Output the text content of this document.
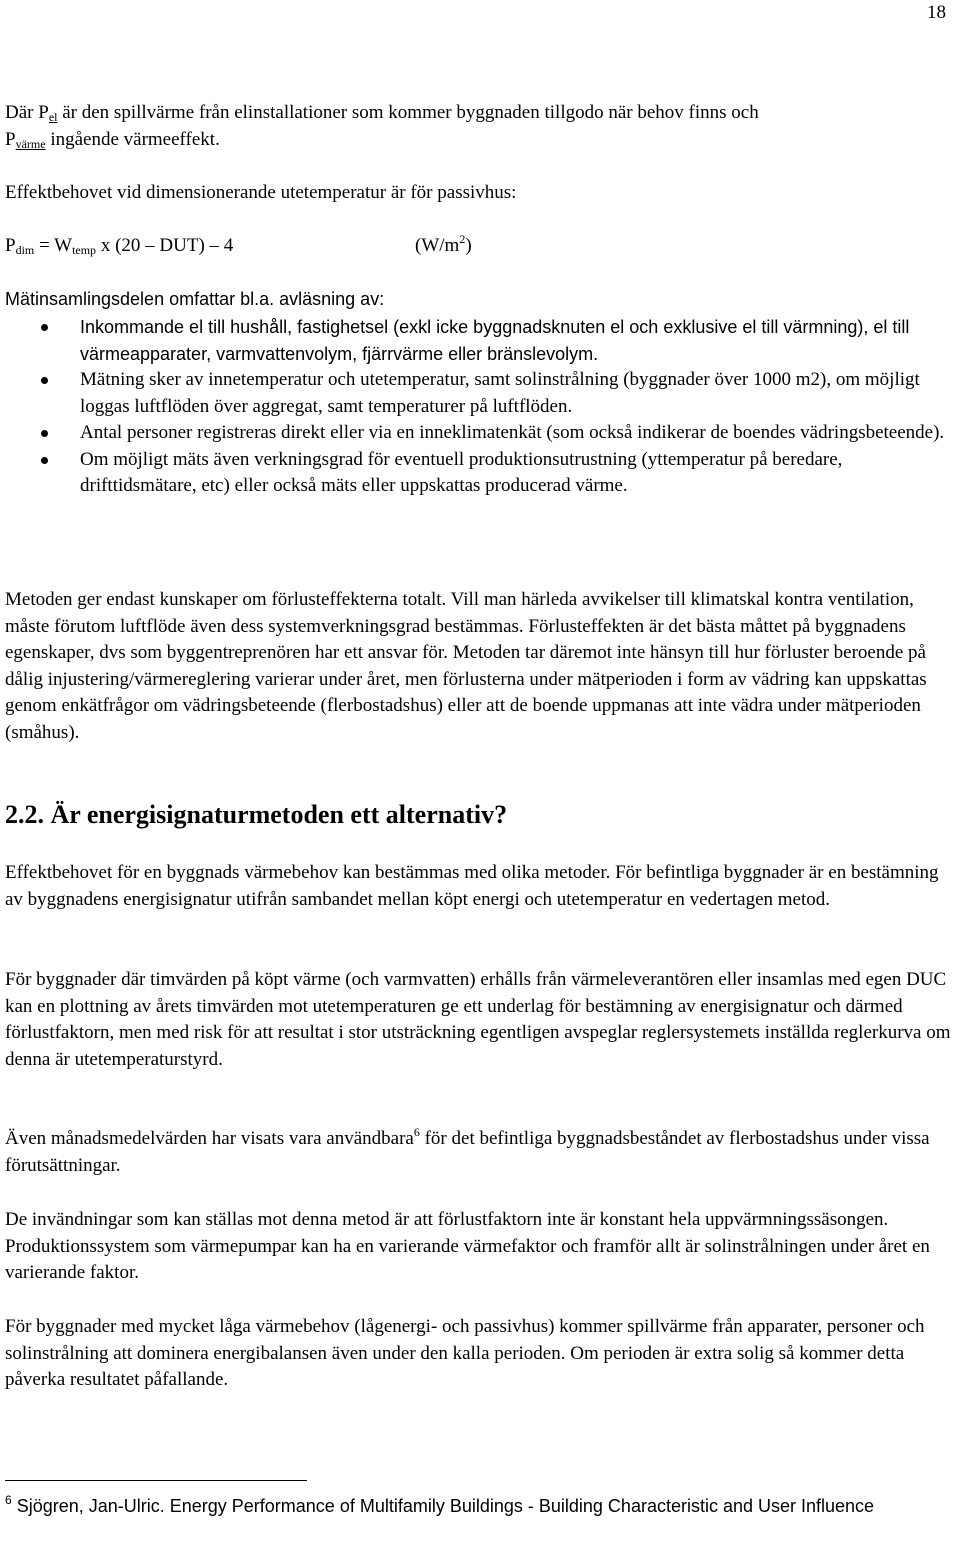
18

Där $P_{el}$ är den spillvärme från elinstallationer som kommer byggnaden tillgodo när behov finns och
$P_{värme}$ ingående värmeeffekt.

Effektbehovet vid dimensionerande utetemperatur är för passivhus:

$P_{dim} = W_{temp}$ x (20 – DUT) – 4	$(W/m^2)$

Mätinsamlingsdelen omfattar bl.a. avläsning av:

Inkommande el till hushåll, fastighetsel (exkl icke byggnadsknuten el och exklusive el till värmning), el till värmeapparater, varmvattenvolym, fjärrvärme eller bränslevolym.
Mätning sker av innetemperatur och utetemperatur, samt solinstrålning (byggnader över 1000 m2), om möjligt loggas luftflöden över aggregat, samt temperaturer på luftflöden.
Antal personer registreras direkt eller via en inneklimatenkät (som också indikerar de boendes vädringsbeteende).
Om möjligt mäts även verkningsgrad för eventuell produktionsutrustning (yttemperatur på beredare, drifttidsmätare, etc) eller också mäts eller uppskattas producerad värme.

Metoden ger endast kunskaper om förlusteffekterna totalt. Vill man härleda avvikelser till klimatskal kontra ventilation, måste förutom luftflöde även dess systemverkningsgrad bestämmas. Förlusteffekten är det bästa måttet på byggnadens egenskaper, dvs som byggentreprenören har ett ansvar för. Metoden tar däremot inte hänsyn till hur förluster beroende på dålig injustering/värmereglering varierar under året, men förlusterna under mätperioden i form av vädring kan uppskattas genom enkätfrågor om vädringsbeteende (flerbostadshus) eller att de boende uppmanas att inte vädra under mätperioden (småhus).

2.2. Är energisignaturmetoden ett alternativ?

Effektbehovet för en byggnads värmebehov kan bestämmas med olika metoder. För befintliga byggnader är en bestämning av byggnadens energisignatur utifrån sambandet mellan köpt energi och utetemperatur en vedertagen metod.

För byggnader där timvärden på köpt värme (och varmvatten) erhålls från värmeleverantören eller insamlas med egen DUC kan en plottning av årets timvärden mot utetemperaturen ge ett underlag för bestämning av energisignatur och därmed förlustfaktorn, men med risk för att resultat i stor utsträckning egentligen avspeglar reglersystemets inställda reglerkurva om denna är utetemperaturstyrd.

Även månadsmedelvärden har visats vara användbara$^6$ för det befintliga byggnadsbeståndet av flerbostadshus under vissa förutsättningar.

De invändningar som kan ställas mot denna metod är att förlustfaktorn inte är konstant hela uppvärmningssäsongen. Produktionssystem som värmepumpar kan ha en varierande värmefaktor och framför allt är solinstrålningen under året en varierande faktor.

För byggnader med mycket låga värmebehov (lågenergi- och passivhus) kommer spillvärme från apparater, personer och solinstrålning att dominera energibalansen även under den kalla perioden. Om perioden är extra solig så kommer detta påverka resultatet påfallande.

$^6$ Sjögren, Jan-Ulric. Energy Performance of Multifamily Buildings - Building Characteristic and User Influence
